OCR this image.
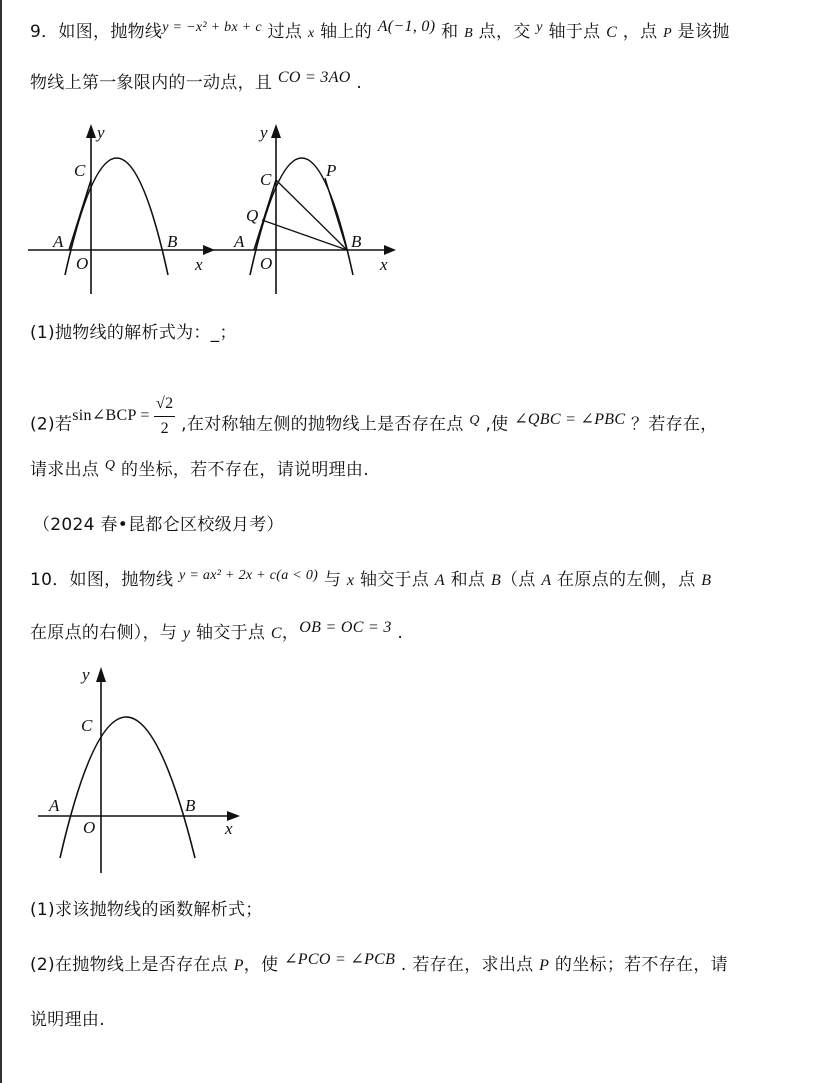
9．如图，抛物线$^{y = -x^2 + bx + c}$ 过点 x 轴上的 A(−1, 0) 和 B 点，交 $^y$ 轴于点 C ，点 P 是该抛
物线上第一象限内的一动点，且 CO = 3AO .
y
C
A
O
B
x
y
C	P
Q
A
O
B
x
(1)抛物线的解析式为：_；
(2)若sin∠BCP = $\frac{√2}{2}$ ,在对称轴左侧的抛物线上是否存在点 $^Q$ ,使 ∠QBC = ∠PBC ？若存在，
请求出点 $^Q$ 的坐标，若不存在，请说明理由.
（2024 春•昆都仑区校级月考）
10．如图，抛物线 $^{y = ax^2 + 2x + c(a < 0)}$ 与 x 轴交于点 A 和点 B（点 A 在原点的左侧，点 B
在原点的右侧），与 y 轴交于点 C，OB = OC = 3 .
y
C
A
O
B
x
(1)求该抛物线的函数解析式；
(2)在抛物线上是否存在点 P，使 ∠PCO = ∠PCB . 若存在，求出点 P 的坐标；若不存在，请
说明理由.
